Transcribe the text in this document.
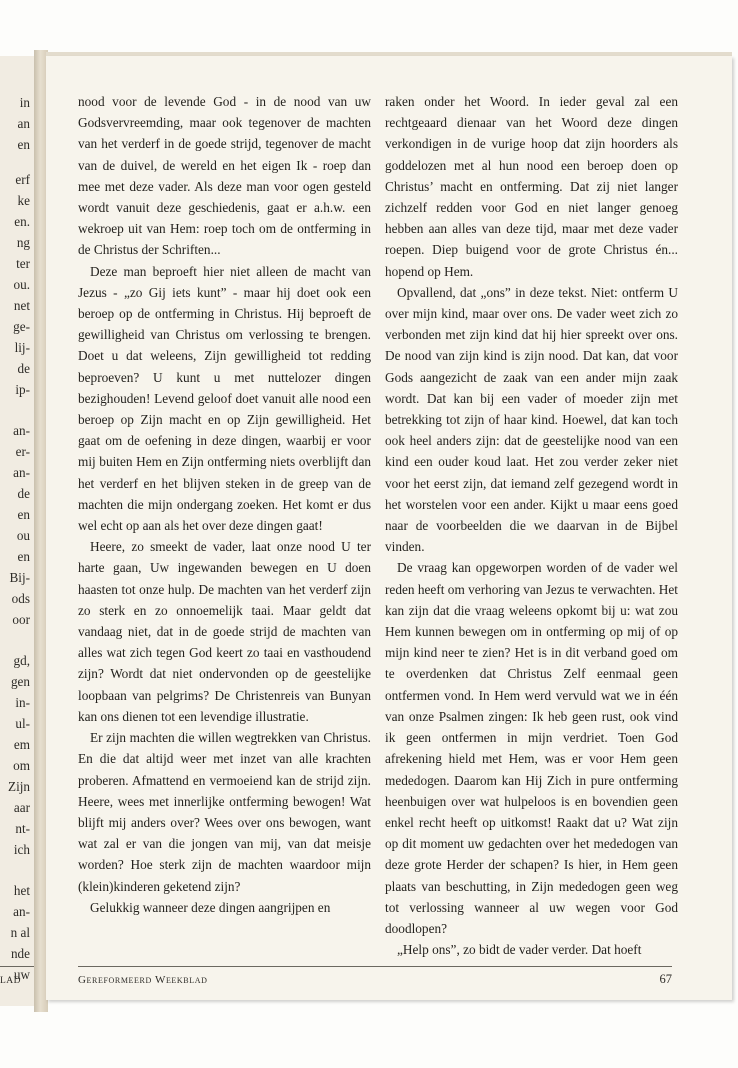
in
an
en
erf
ke
en.
ng
ter
ou.
net
ge-
lij-
de
ip-
an-
er-
an-
de
en
ou
en
Bij-
ods
oor
gd,
gen
in-
ul-
em
om
Zijn
aar
nt-
ich
het
an-
n al
nde
uw
LAD

nood voor de levende God - in de nood van uw Godsvervreemding, maar ook tegenover de machten van het verderf in de goede strijd, tegenover de macht van de duivel, de wereld en het eigen Ik - roep dan mee met deze vader. Als deze man voor ogen gesteld wordt vanuit deze geschiedenis, gaat er a.h.w. een wekroep uit van Hem: roep toch om de ontferming in de Christus der Schriften...

Deze man beproeft hier niet alleen de macht van Jezus - „zo Gij iets kunt” - maar hij doet ook een beroep op de ontferming in Christus. Hij beproeft de gewilligheid van Christus om verlossing te brengen. Doet u dat weleens, Zijn gewilligheid tot redding beproeven? U kunt u met nuttelozer dingen bezighouden! Levend geloof doet vanuit alle nood een beroep op Zijn macht en op Zijn gewilligheid. Het gaat om de oefening in deze dingen, waarbij er voor mij buiten Hem en Zijn ontferming niets overblijft dan het verderf en het blijven steken in de greep van de machten die mijn ondergang zoeken. Het komt er dus wel echt op aan als het over deze dingen gaat!

Heere, zo smeekt de vader, laat onze nood U ter harte gaan, Uw ingewanden bewegen en U doen haasten tot onze hulp. De machten van het verderf zijn zo sterk en zo onnoemelijk taai. Maar geldt dat vandaag niet, dat in de goede strijd de machten van alles wat zich tegen God keert zo taai en vasthoudend zijn? Wordt dat niet ondervonden op de geestelijke loopbaan van pelgrims? De Christenreis van Bunyan kan ons dienen tot een levendige illustratie.

Er zijn machten die willen wegtrekken van Christus. En die dat altijd weer met inzet van alle krachten proberen. Afmattend en vermoeiend kan de strijd zijn. Heere, wees met innerlijke ontferming bewogen! Wat blijft mij anders over? Wees over ons bewogen, want wat zal er van die jongen van mij, van dat meisje worden? Hoe sterk zijn de machten waardoor mijn (klein)kinderen geketend zijn?

Gelukkig wanneer deze dingen aangrijpen en

raken onder het Woord. In ieder geval zal een rechtgeaard dienaar van het Woord deze dingen verkondigen in de vurige hoop dat zijn hoorders als goddelozen met al hun nood een beroep doen op Christus’ macht en ontferming. Dat zij niet langer zichzelf redden voor God en niet langer genoeg hebben aan alles van deze tijd, maar met deze vader roepen. Diep buigend voor de grote Christus én... hopend op Hem.

Opvallend, dat „ons” in deze tekst. Niet: ontferm U over mijn kind, maar over ons. De vader weet zich zo verbonden met zijn kind dat hij hier spreekt over ons. De nood van zijn kind is zijn nood. Dat kan, dat voor Gods aangezicht de zaak van een ander mijn zaak wordt. Dat kan bij een vader of moeder zijn met betrekking tot zijn of haar kind. Hoewel, dat kan toch ook heel anders zijn: dat de geestelijke nood van een kind een ouder koud laat. Het zou verder zeker niet voor het eerst zijn, dat iemand zelf gezegend wordt in het worstelen voor een ander. Kijkt u maar eens goed naar de voorbeelden die we daarvan in de Bijbel vinden.

De vraag kan opgeworpen worden of de vader wel reden heeft om verhoring van Jezus te verwachten. Het kan zijn dat die vraag weleens opkomt bij u: wat zou Hem kunnen bewegen om in ontferming op mij of op mijn kind neer te zien? Het is in dit verband goed om te overdenken dat Christus Zelf eenmaal geen ontfermen vond. In Hem werd vervuld wat we in één van onze Psalmen zingen: Ik heb geen rust, ook vind ik geen ontfermen in mijn verdriet. Toen God afrekening hield met Hem, was er voor Hem geen mededogen. Daarom kan Hij Zich in pure ontferming heenbuigen over wat hulpeloos is en bovendien geen enkel recht heeft op uitkomst! Raakt dat u? Wat zijn op dit moment uw gedachten over het mededogen van deze grote Herder der schapen? Is hier, in Hem geen plaats van beschutting, in Zijn mededogen geen weg tot verlossing wanneer al uw wegen voor God doodlopen?

„Help ons”, zo bidt de vader verder. Dat hoeft

Gereformeerd Weekblad	67
